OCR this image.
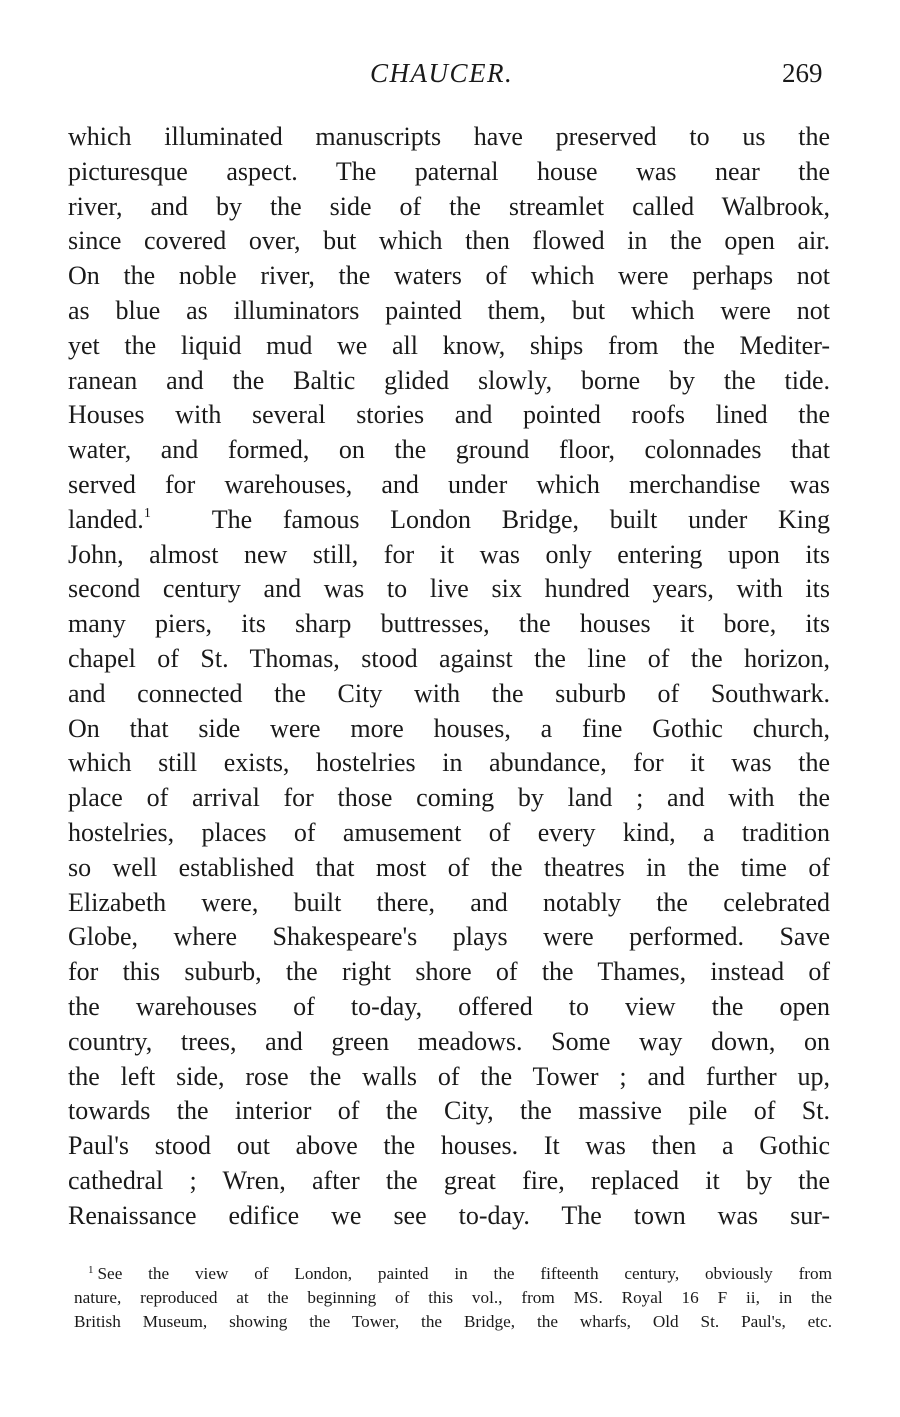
CHAUCER.	269
which illuminated manuscripts have preserved to us the
picturesque aspect. The paternal house was near the
river, and by the side of the streamlet called Walbrook,
since covered over, but which then flowed in the open air.
On the noble river, the waters of which were perhaps not
as blue as illuminators painted them, but which were not
yet the liquid mud we all know, ships from the Mediter-
ranean and the Baltic glided slowly, borne by the tide.
Houses with several stories and pointed roofs lined the
water, and formed, on the ground floor, colonnades that
served for warehouses, and under which merchandise was
landed.$^1$  The famous London Bridge, built under King
John, almost new still, for it was only entering upon its
second century and was to live six hundred years, with its
many piers, its sharp buttresses, the houses it bore, its
chapel of St. Thomas, stood against the line of the horizon,
and connected the City with the suburb of Southwark.
On that side were more houses, a fine Gothic church,
which still exists, hostelries in abundance, for it was the
place of arrival for those coming by land ; and with the
hostelries, places of amusement of every kind, a tradition
so well established that most of the theatres in the time of
Elizabeth were, built there, and notably the celebrated
Globe, where Shakespeare's plays were performed. Save
for this suburb, the right shore of the Thames, instead of
the warehouses of to-day, offered to view the open
country, trees, and green meadows. Some way down, on
the left side, rose the walls of the Tower ; and further up,
towards the interior of the City, the massive pile of St.
Paul's stood out above the houses. It was then a Gothic
cathedral ; Wren, after the great fire, replaced it by the
Renaissance edifice we see to-day. The town was sur-
$^1$ See the view of London, painted in the fifteenth century, obviously from
nature, reproduced at the beginning of this vol., from MS. Royal 16 F ii, in the
British Museum, showing the Tower, the Bridge, the wharfs, Old St. Paul's, etc.
